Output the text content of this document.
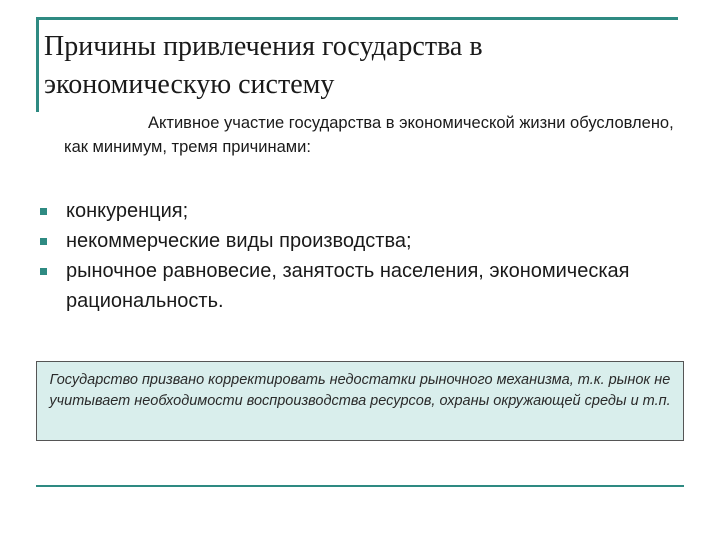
Причины привлечения государства в экономическую систему

Активное участие государства в экономической жизни обусловлено, как минимум, тремя причинами:

конкуренция;
некоммерческие виды производства;
рыночное равновесие, занятость населения, экономическая рациональность.
Государство призвано корректировать недостатки рыночного механизма, т.к. рынок не учитывает необходимости воспроизводства ресурсов, охраны окружающей среды и т.п.
